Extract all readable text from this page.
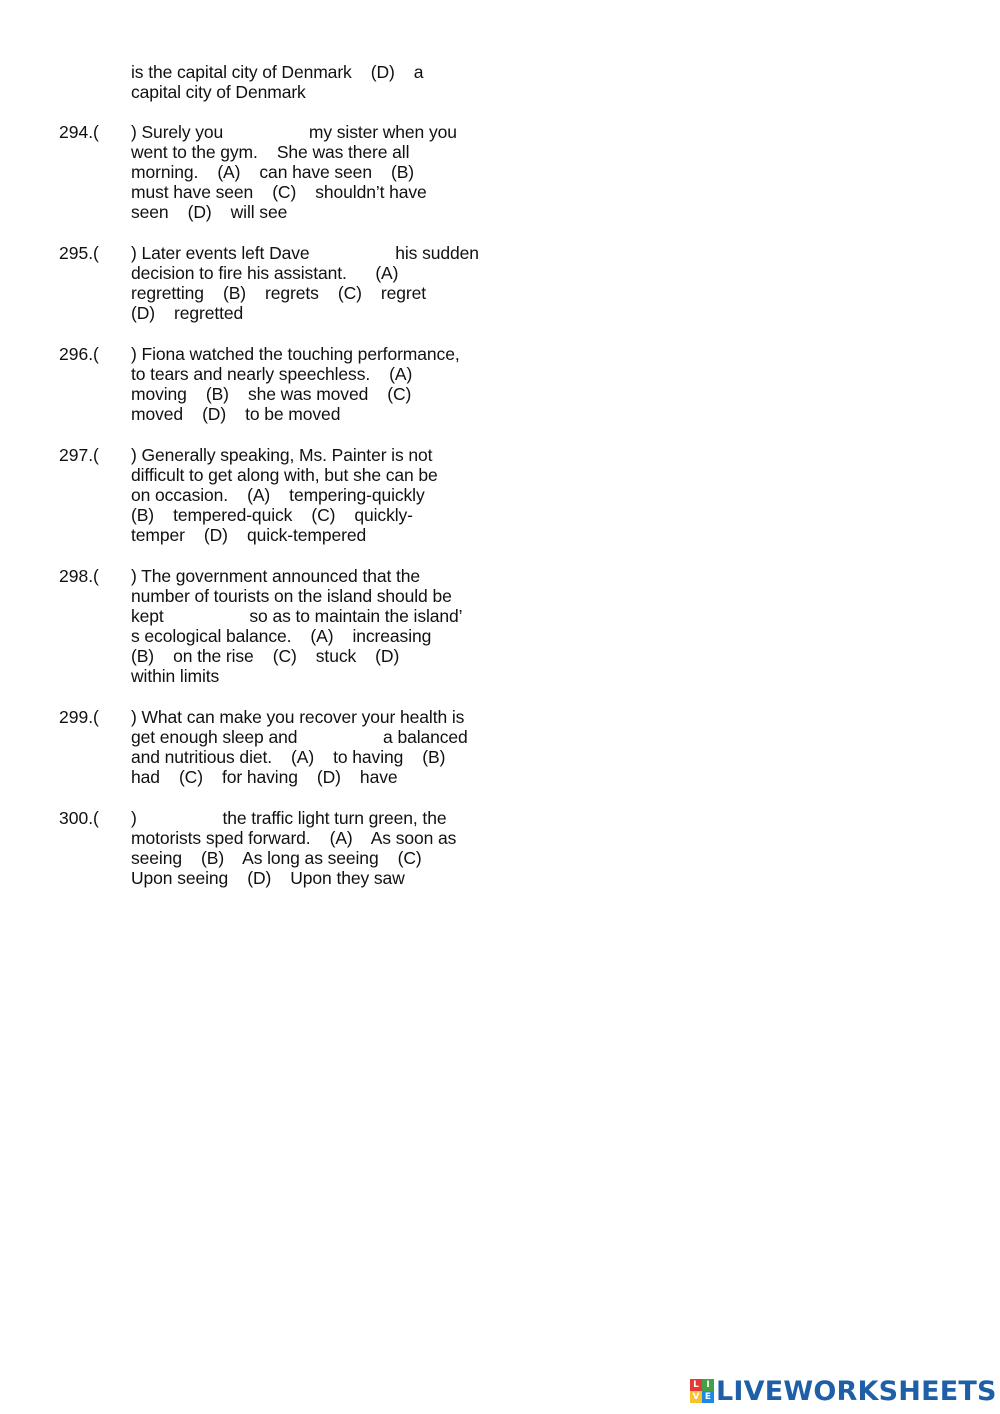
is the capital city of Denmark    (D)    a
capital city of Denmark
294.( ) Surely you                  my sister when you
went to the gym.    She was there all
morning.    (A)    can have seen    (B)
must have seen    (C)    shouldn’t have
seen    (D)    will see
295.( ) Later events left Dave                  his sudden
decision to fire his assistant.      (A)
regretting    (B)    regrets    (C)    regret
(D)    regretted
296.( ) Fiona watched the touching performance,
to tears and nearly speechless.    (A)
moving    (B)    she was moved    (C)
moved    (D)    to be moved
297.( ) Generally speaking, Ms. Painter is not
difficult to get along with, but she can be
on occasion.    (A)    tempering-quickly
(B)    tempered-quick    (C)    quickly-
temper    (D)    quick-tempered
298.( ) The government announced that the
number of tourists on the island should be
kept                  so as to maintain the island’
s ecological balance.    (A)    increasing
(B)    on the rise    (C)    stuck    (D)
within limits
299.( ) What can make you recover your health is
get enough sleep and                  a balanced
and nutritious diet.    (A)    to having    (B)
had    (C)    for having    (D)    have
300.( )                  the traffic light turn green, the
motorists sped forward.    (A)    As soon as
seeing    (B)    As long as seeing    (C)
Upon seeing    (D)    Upon they saw
L I
V E LIVEWORKSHEETS
